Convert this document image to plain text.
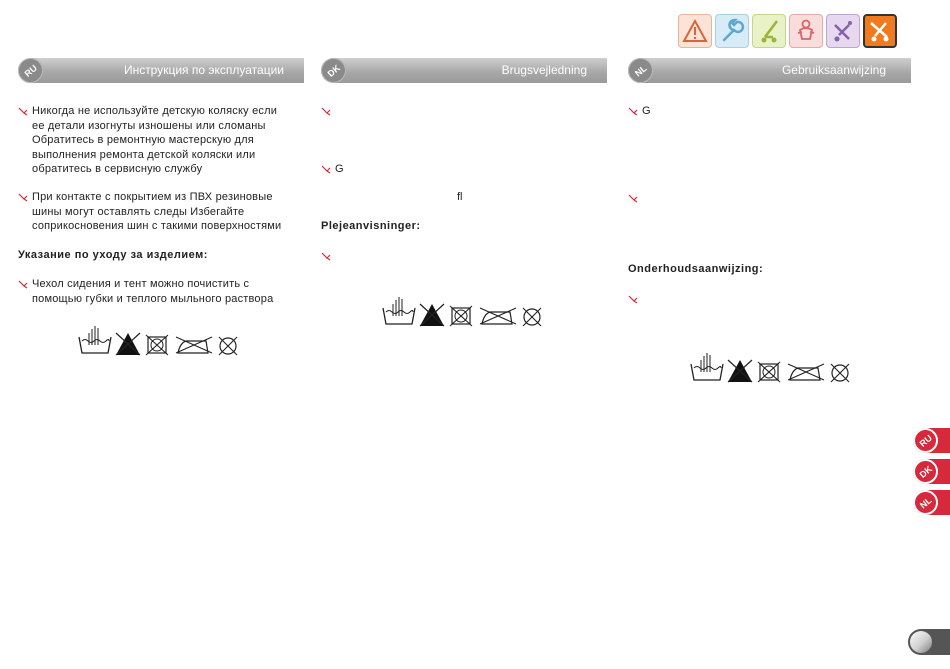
RU	Инструкция по эксплуатации
Никогда не используйте детскую коляску если
ее детали изогнуты изношены или сломаны
Обратитесь в ремонтную мастерскую для
выполнения ремонта детской коляски или
обратитесь в сервисную службу
При контакте с покрытием из ПВХ резиновые
шины могут оставлять следы Избегайте
соприкосновения шин с такими поверхностями
Указание по уходу за изделием:
Чехол сидения и тент можно почистить с
помощью губки и теплого мыльного раствора
DK	Brugsvejledning
G
fl
Plejeanvisninger:
NL	Gebruiksaanwijzing
G
Onderhoudsaanwijzing:
RU
DK
NL
